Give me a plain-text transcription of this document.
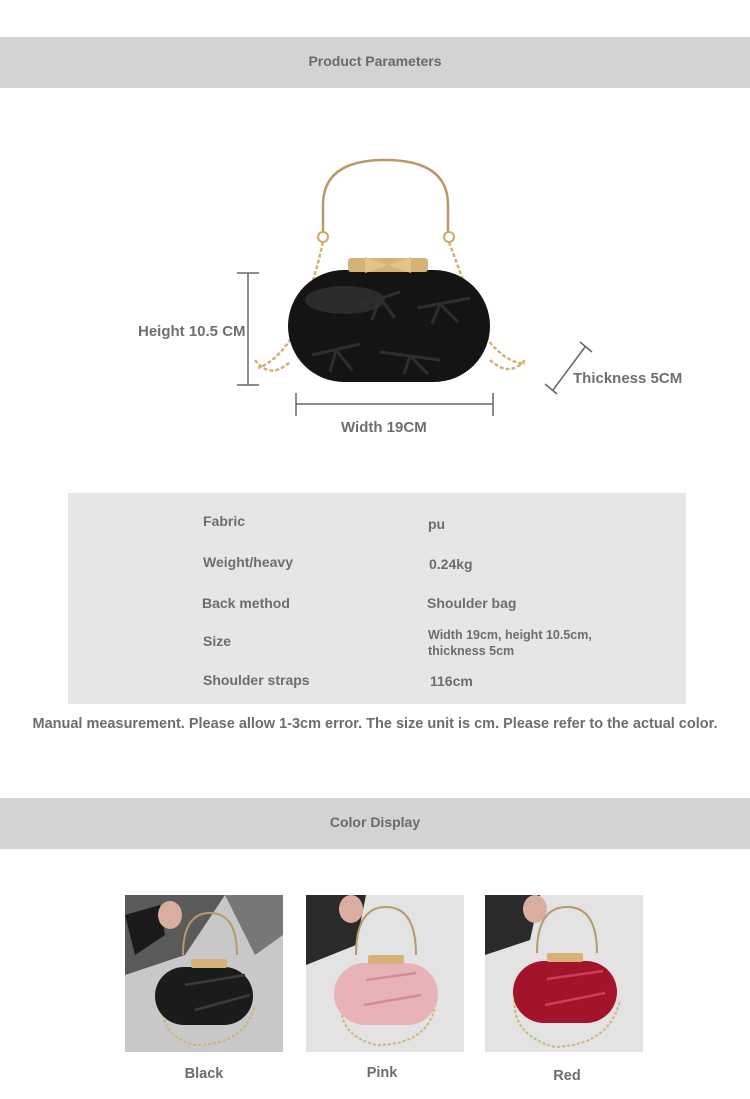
Product Parameters
Height 10.5 CM
Width 19CM
Thickness 5CM
Fabric	pu
Weight/heavy	0.24kg
Back method	Shoulder bag
Size	Width 19cm, height 10.5cm, thickness 5cm
Shoulder straps	116cm
Manual measurement. Please allow 1-3cm error. The size unit is cm. Please refer to the actual color.
Color Display
Black	Pink	Red
